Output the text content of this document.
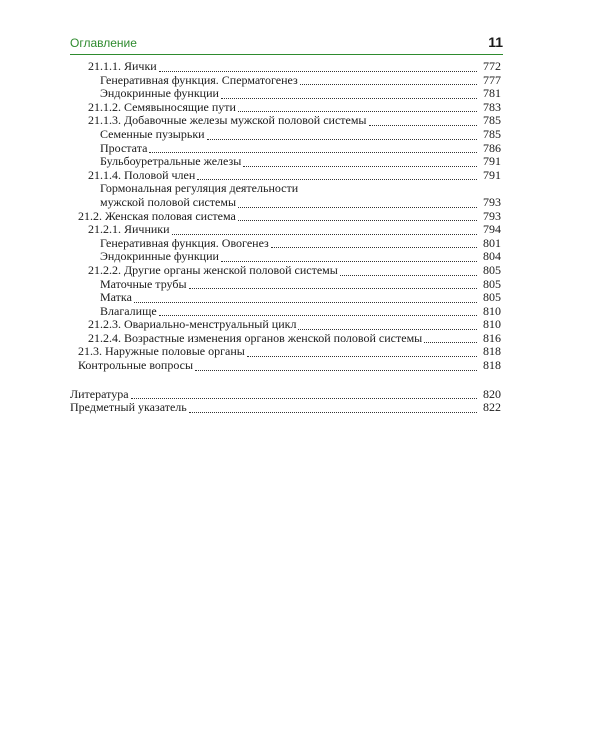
Оглавление	11
21.1.1. Яички	772
Генеративная функция. Сперматогенез	777
Эндокринные функции	781
21.1.2. Семявыносящие пути	783
21.1.3. Добавочные железы мужской половой системы	785
Семенные пузырьки	785
Простата	786
Бульбоуретральные железы	791
21.1.4. Половой член	791
Гормональная регуляция деятельности
мужской половой системы	793
21.2. Женская половая система	793
21.2.1. Яичники	794
Генеративная функция. Овогенез	801
Эндокринные функции	804
21.2.2. Другие органы женской половой системы	805
Маточные трубы	805
Матка	805
Влагалище	810
21.2.3. Овариально-менструальный цикл	810
21.2.4. Возрастные изменения органов женской половой системы	816
21.3. Наружные половые органы	818
Контрольные вопросы	818
Литература	820
Предметный указатель	822
